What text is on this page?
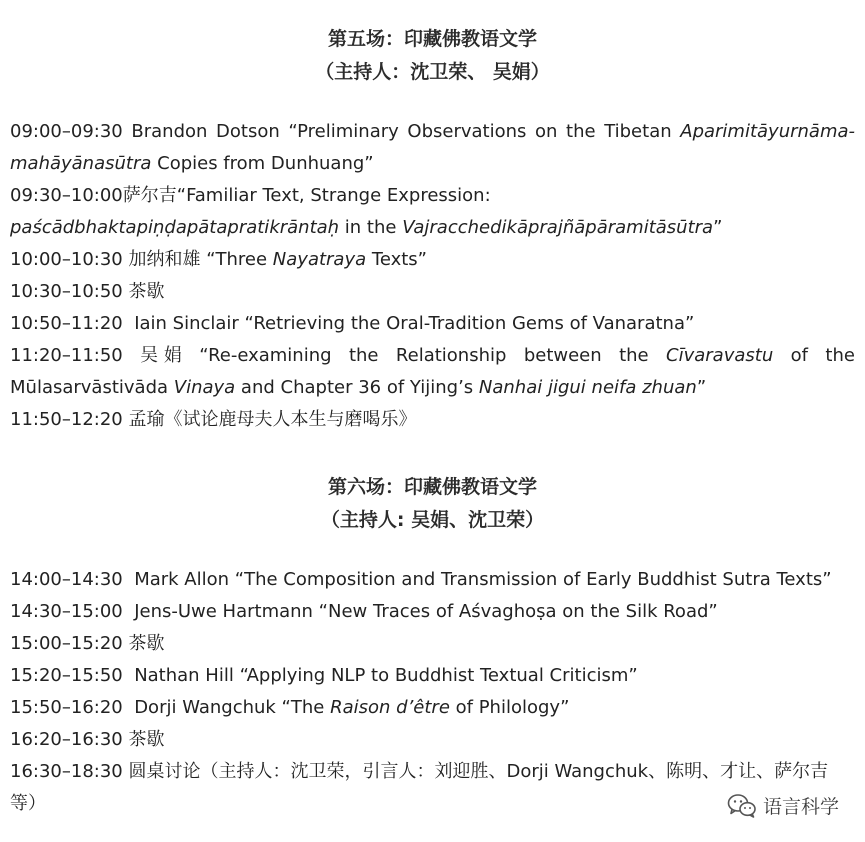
第五场：印藏佛教语文学
（主持人：沈卫荣、 吴娟）
09:00–09:30 Brandon Dotson “Preliminary Observations on the Tibetan Aparimitāyurnāma-
mahāyānasūtra Copies from Dunhuang”
09:30–10:00萨尔吉“Familiar Text, Strange Expression:
paścādbhaktapiṇḍapātapratikrāntaḥ in the Vajracchedikāprajñāpāramitāsūtra”
10:00–10:30 加纳和雄 “Three Nayatraya Texts”
10:30–10:50 茶歇
10:50–11:20  Iain Sinclair “Retrieving the Oral-Tradition Gems of Vanaratna”
11:20–11:50 吴 娟 “Re-examining the Relationship between the Cīvaravastu of the
Mūlasarvāstivāda Vinaya and Chapter 36 of Yijing’s Nanhai jigui neifa zhuan”
11:50–12:20 孟瑜《试论鹿母夫人本生与磨喝乐》
第六场：印藏佛教语文学
（主持人: 吴娟、沈卫荣）
14:00–14:30  Mark Allon “The Composition and Transmission of Early Buddhist Sutra Texts”
14:30–15:00  Jens-Uwe Hartmann “New Traces of Aśvaghoṣa on the Silk Road”
15:00–15:20 茶歇
15:20–15:50  Nathan Hill “Applying NLP to Buddhist Textual Criticism”
15:50–16:20  Dorji Wangchuk “The Raison d’être of Philology”
16:20–16:30 茶歇
16:30–18:30 圆桌讨论（主持人：沈卫荣，引言人：刘迎胜、Dorji Wangchuk、陈明、才让、萨尔吉
等）	语言科学
